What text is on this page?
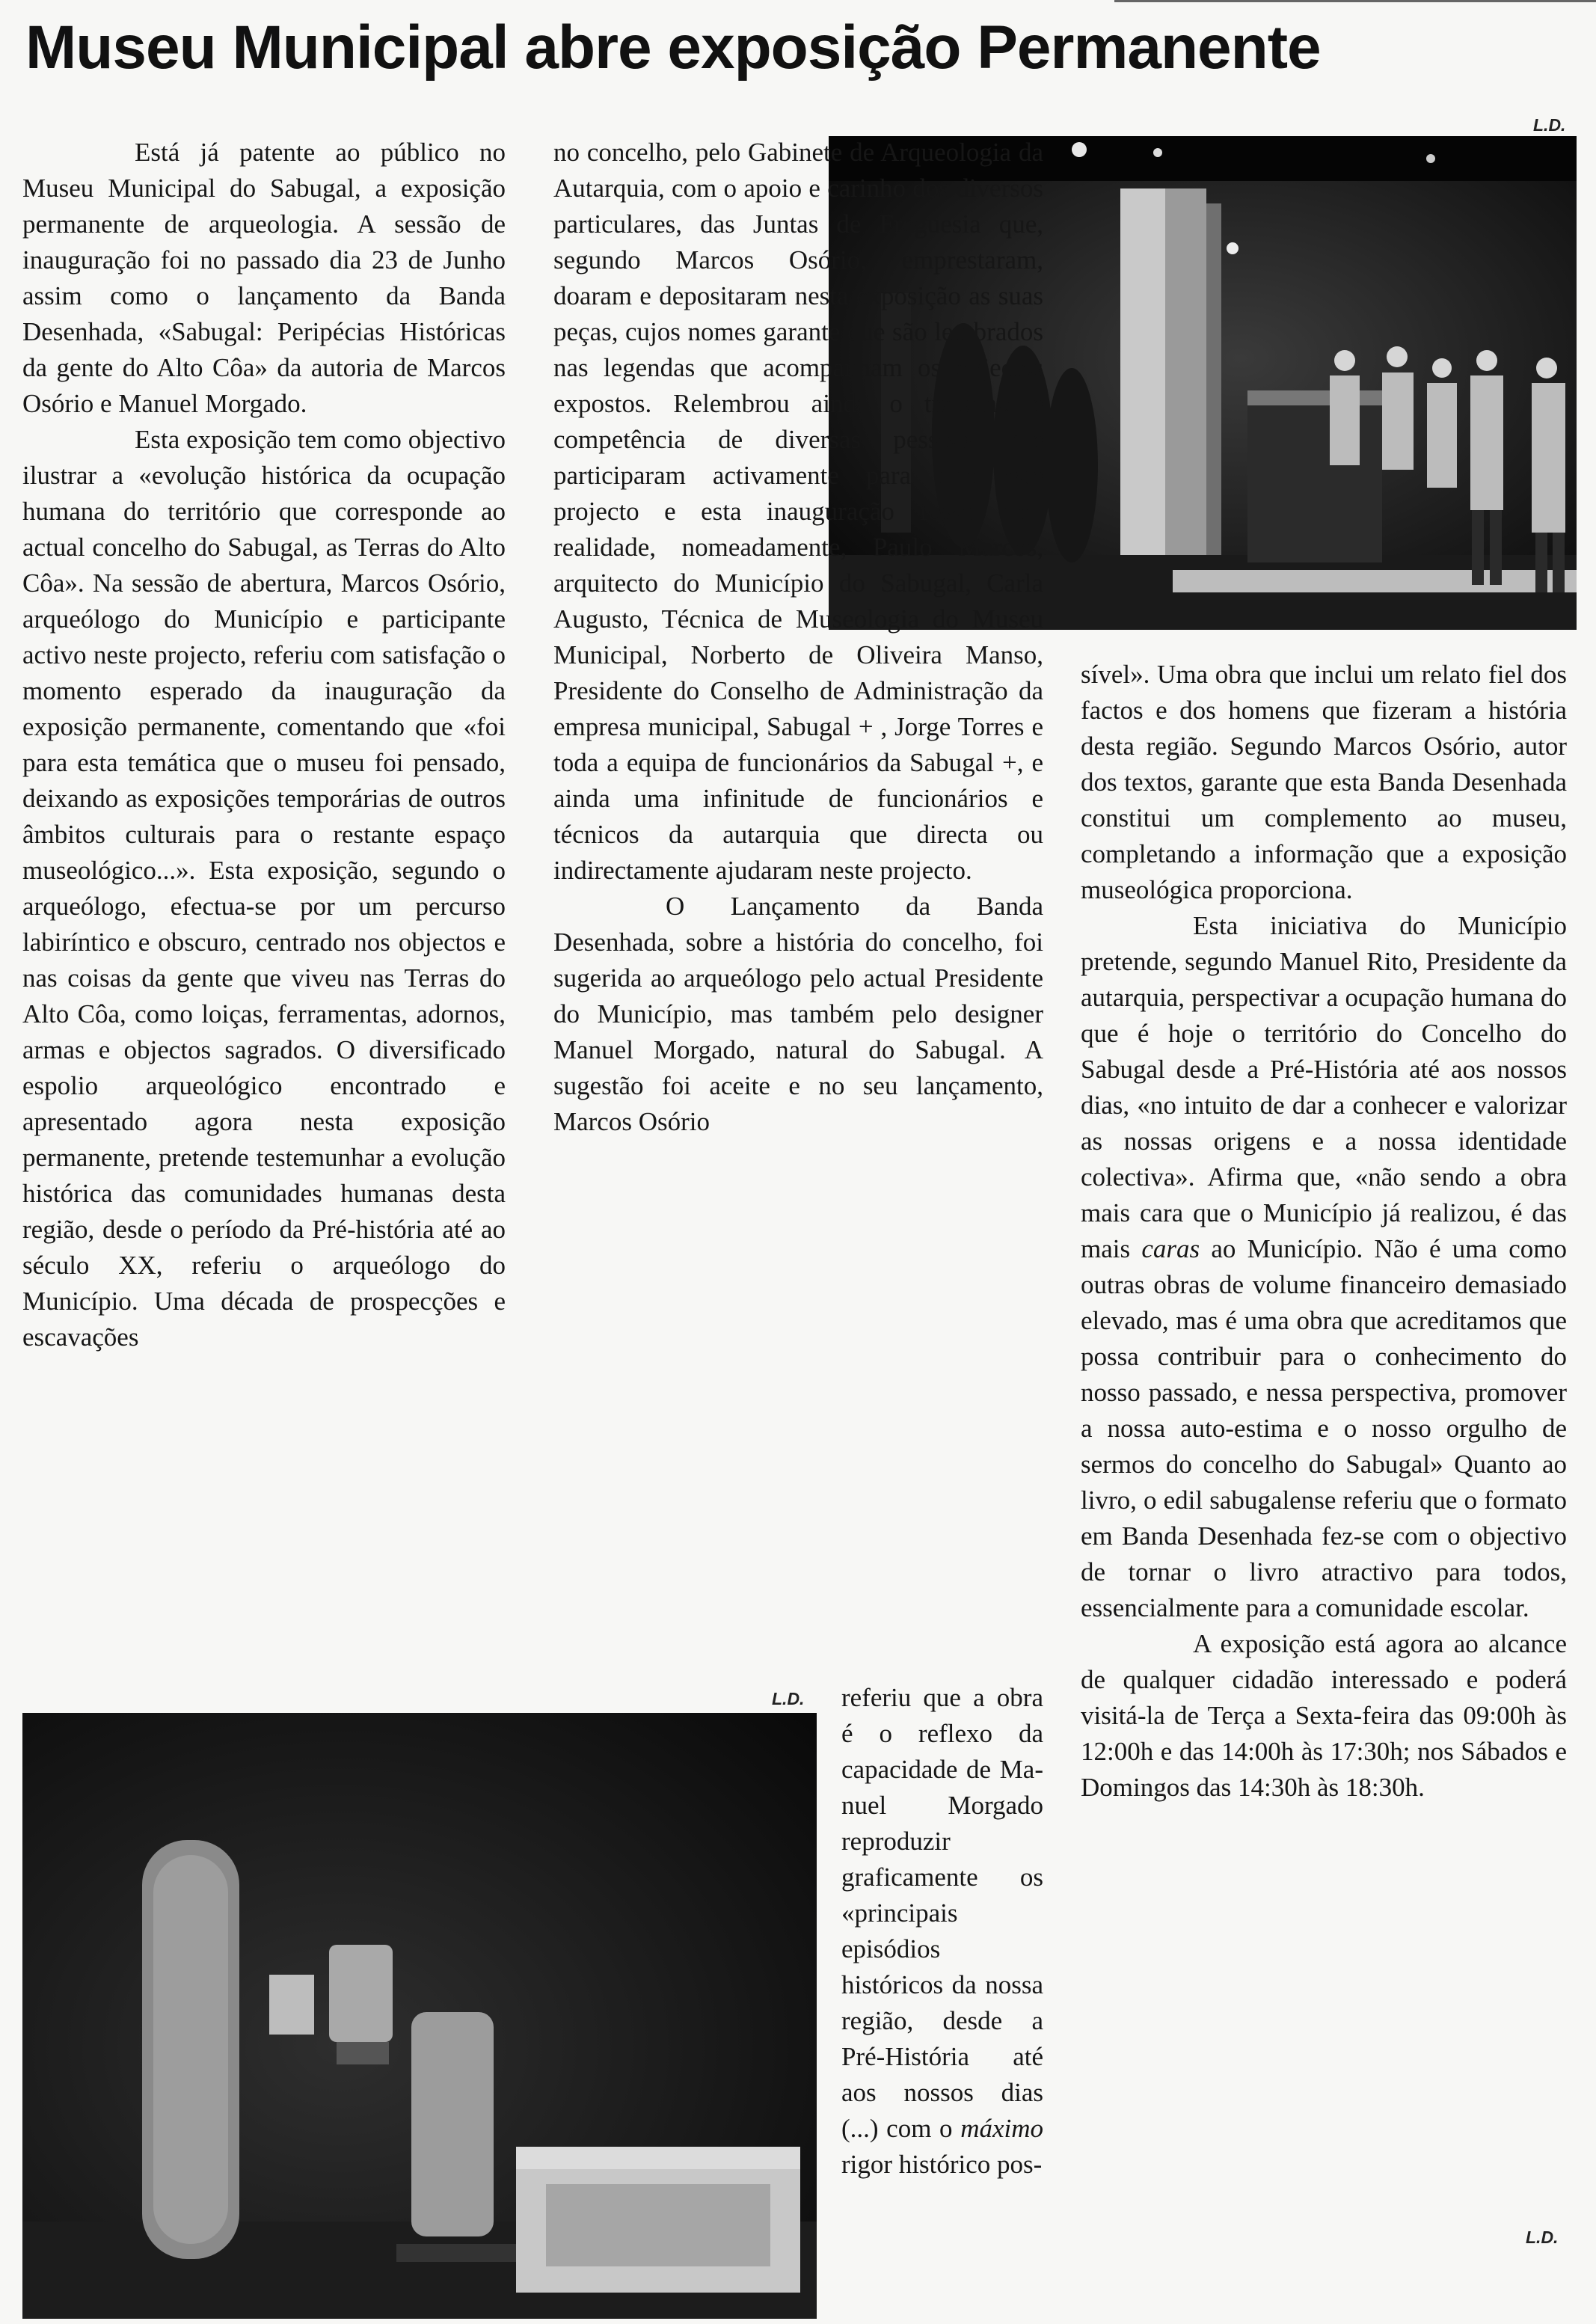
Museu Municipal abre exposição Permanente

Está já patente ao público no Museu Municipal do Sabugal, a exposição permanente de arqueologia. A sessão de inauguração foi no passado dia 23 de Junho assim como o lançamento da Banda Desenhada, «Sabugal: Peripécias Históricas da gente do Alto Côa» da autoria de Marcos Osório e Manuel Morgado.

Esta exposição tem como objectivo ilustrar a «evolução histórica da ocupação humana do território que corresponde ao actual concelho do Sabugal, as Terras do Alto Côa». Na sessão de abertura, Marcos Osório, arqueólogo do Município e participante activo neste projecto, referiu com satisfação o momento esperado da inauguração da exposição permanente, comentando que «foi para esta temática que o museu foi pensado, deixando as exposições temporárias de outros âmbitos culturais para o restante espaço museológico...». Esta exposição, segundo o arqueólogo, efectua-se por um percurso labiríntico e obscuro, centrado nos objectos e nas coisas da gente que viveu nas Terras do Alto Côa, como loiças, ferramentas, adornos, armas e objectos sagrados. O diversificado espolio arqueológico encontrado e apresentado agora nesta exposição permanente, pretende testemunhar a evolução histórica das comunidades humanas desta região, desde o período da Pré-história até ao século XX, referiu o arqueólogo do Município. Uma década de prospecções e escavações

L.D.

no concelho, pelo Gabinete de Arqueologia da Autarquia, com o apoio e carinho dos diversos particulares, das Juntas de Freguesia que, segundo Marcos Osório, emprestaram, doaram e depositaram nesta exposição as suas peças, cujos nomes garante que são lembrados nas legendas que acompanham os objectos expostos. Relembrou ainda o trabalho e competência de diversas pessoas que participaram activamente para que este projecto e esta inauguração fosse uma realidade, nomeadamente, Paulo Marcos, arquitecto do Município do Sabugal, Carla Augusto, Técnica de Museologia do Museu Municipal, Norberto de Oliveira Manso, Presidente do Conselho de Administração da empresa municipal, Sabugal + , Jorge Torres e toda a equipa de funcionários da Sabugal +, e ainda uma infinitude de funcionários e técnicos da autarquia que directa ou indirectamente ajudaram neste projecto.

O Lançamento da Banda Desenhada, sobre a história do concelho, foi sugerida ao arqueólogo pelo actual Presidente do Município, mas também pelo designer Manuel Morgado, natural do Sabugal. A sugestão foi aceite e no seu lançamento, Marcos Osório

L.D. referiu que a obra é o reflexo da capacidade de Manuel Morgado reproduzir graficamente os «principais episódios históricos da nossa região, desde a Pré-História até aos nossos dias (...) com o máximo rigor histórico pos-

sível». Uma obra que inclui um relato fiel dos factos e dos homens que fizeram a história desta região. Segundo Marcos Osório, autor dos textos, garante que esta Banda Desenhada constitui um complemento ao museu, completando a informação que a exposição museológica proporciona.

Esta iniciativa do Município pretende, segundo Manuel Rito, Presidente da autarquia, perspectivar a ocupação humana do que é hoje o território do Concelho do Sabugal desde a Pré-História até aos nossos dias, «no intuito de dar a conhecer e valorizar as nossas origens e a nossa identidade colectiva». Afirma que, «não sendo a obra mais cara que o Município já realizou, é das mais caras ao Município. Não é uma como outras obras de volume financeiro demasiado elevado, mas é uma obra que acreditamos que possa contribuir para o conhecimento do nosso passado, e nessa perspectiva, promover a nossa auto-estima e o nosso orgulho de sermos do concelho do Sabugal» Quanto ao livro, o edil sabugalense referiu que o formato em Banda Desenhada fez-se com o objectivo de tornar o livro atractivo para todos, essencialmente para a comunidade escolar.

A exposição está agora ao alcance de qualquer cidadão interessado e poderá visitá-la de Terça a Sexta-feira das 09:00h às 12:00h e das 14:00h às 17:30h; nos Sábados e Domingos das 14:30h às 18:30h.

L.D.
